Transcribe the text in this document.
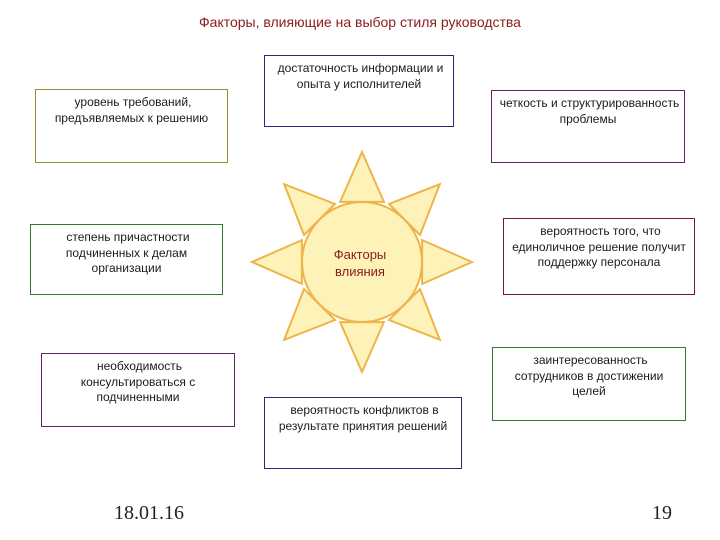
Факторы, влияющие на выбор стиля руководства
Факторы
влияния
достаточность информации и опыта у исполнителей
уровень требований, предъявляемых к решению
четкость и структурированность проблемы
степень причастности подчиненных к делам организации
вероятность того, что единоличное решение получит поддержку персонала
необходимость консультироваться с подчиненными
заинтересованность сотрудников в достижении целей
вероятность конфликтов в результате принятия решений
18.01.16	19
